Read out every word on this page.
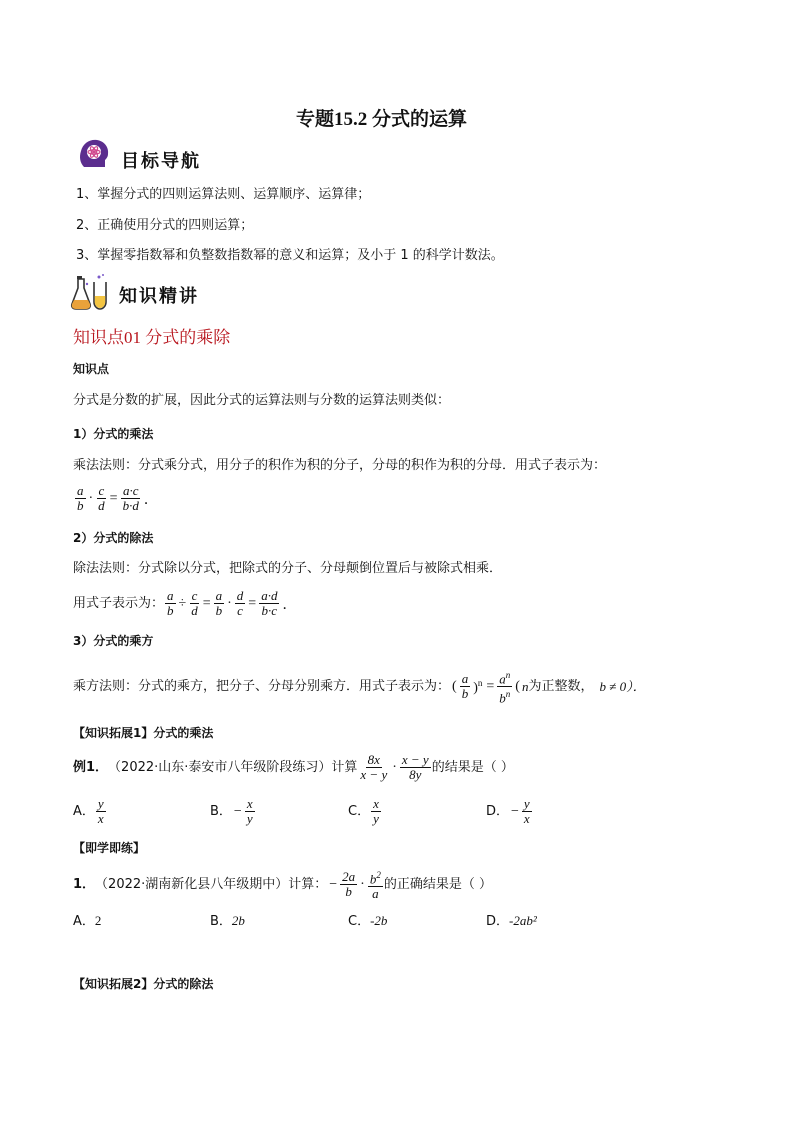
专题15.2 分式的运算
目标导航
1、掌握分式的四则运算法则、运算顺序、运算律；
2、正确使用分式的四则运算；
3、掌握零指数幂和负整数指数幂的意义和运算；及小于 1 的科学计数法。
知识精讲
知识点01 分式的乘除
知识点
分式是分数的扩展，因此分式的运算法则与分数的运算法则类似：
1）分式的乘法
乘法法则：分式乘分式，用分子的积作为积的分子，分母的积作为积的分母．用式子表示为：
$\frac{a}{b} \cdot \frac{c}{d} = \frac{a\cdot c}{b\cdot d}$ ．
2）分式的除法
除法法则：分式除以分式，把除式的分子、分母颠倒位置后与被除式相乘．
用式子表示为： $\frac{a}{b} \div \frac{c}{d} = \frac{a}{b} \cdot \frac{d}{c} = \frac{a\cdot d}{b\cdot c}$ ．
3）分式的乘方
乘方法则：分式的乘方，把分子、分母分别乘方．用式子表示为： ( $\frac{a}{b} )^n = \frac{a^n}{b^n}$ ( n 为正整数， b ≠ 0）．
【知识拓展1】分式的乘法
例1． （2022·山东·泰安市八年级阶段练习）计算 $\frac{8x}{x - y} \cdot \frac{x - y}{8y}$ 的结果是（ ）
A． $\frac{y}{x}$	B． − $\frac{x}{y}$	C． $\frac{x}{y}$	D． − $\frac{y}{x}$
【即学即练】
1． （2022·湖南新化县八年级期中）计算： − $\frac{2a}{b} \cdot \frac{b^2}{a}$ 的正确结果是（ ）
A．2	B．2b	C．-2b	D．-2ab²
【知识拓展2】分式的除法
